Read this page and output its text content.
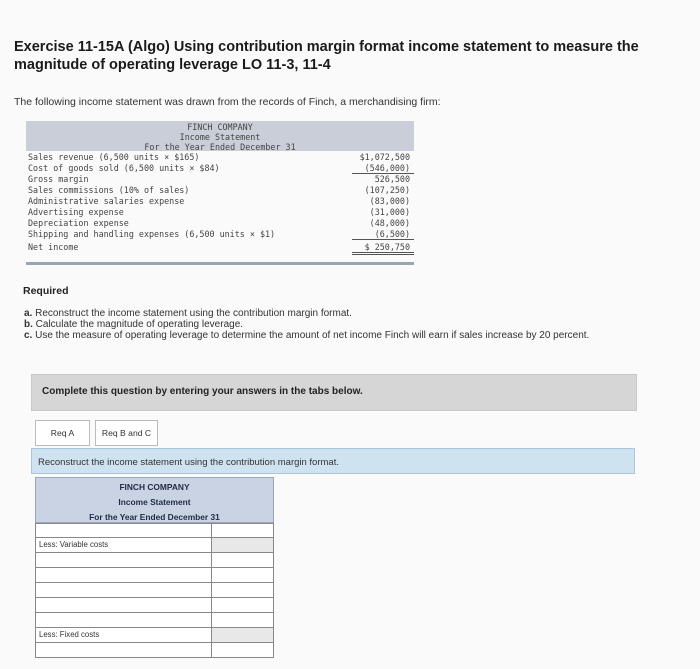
Exercise 11-15A (Algo) Using contribution margin format income statement to measure the magnitude of operating leverage LO 11-3, 11-4
The following income statement was drawn from the records of Finch, a merchandising firm:
FINCH COMPANY
Income Statement
For the Year Ended December 31
Sales revenue (6,500 units × $165)	$1,072,500
Cost of goods sold (6,500 units × $84)	(546,000)
Gross margin	526,500
Sales commissions (10% of sales)	(107,250)
Administrative salaries expense	(83,000)
Advertising expense	(31,000)
Depreciation expense	(48,000)
Shipping and handling expenses (6,500 units × $1)	(6,500)
Net income	$ 250,750
Required
a. Reconstruct the income statement using the contribution margin format.
b. Calculate the magnitude of operating leverage.
c. Use the measure of operating leverage to determine the amount of net income Finch will earn if sales increase by 20 percent.
Complete this question by entering your answers in the tabs below.
Req A	Req B and C
Reconstruct the income statement using the contribution margin format.
FINCH COMPANY
Income Statement
For the Year Ended December 31
Less: Variable costs
Less: Fixed costs
